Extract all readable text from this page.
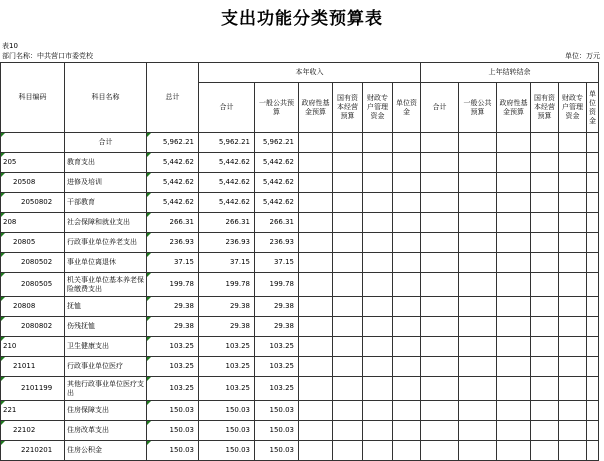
支出功能分类预算表
表10
部门名称：中共营口市委党校	单位：万元
科目编码	科目名称	总计	本年收入						上年结转结余					
			合计	一般公共预算	政府性基金预算	国有资本经营预算	财政专户管理资金	单位资金	合计	一般公共预算	政府性基金预算	国有资本经营预算	财政专户管理资金	单位资金

	合计	5,962.21	5,962.21	5,962.21										
205	教育支出	5,442.62	5,442.62	5,442.62										
20508	进修及培训	5,442.62	5,442.62	5,442.62										
2050802	干部教育	5,442.62	5,442.62	5,442.62										
208	社会保障和就业支出	266.31	266.31	266.31										
20805	行政事业单位养老支出	236.93	236.93	236.93										
2080502	事业单位离退休	37.15	37.15	37.15										
2080505	机关事业单位基本养老保险缴费支出	199.78	199.78	199.78										
20808	抚恤	29.38	29.38	29.38										
2080802	伤残抚恤	29.38	29.38	29.38										
210	卫生健康支出	103.25	103.25	103.25										
21011	行政事业单位医疗	103.25	103.25	103.25										
2101199	其他行政事业单位医疗支出	103.25	103.25	103.25										
221	住房保障支出	150.03	150.03	150.03										
22102	住房改革支出	150.03	150.03	150.03										
2210201	住房公积金	150.03	150.03	150.03										
